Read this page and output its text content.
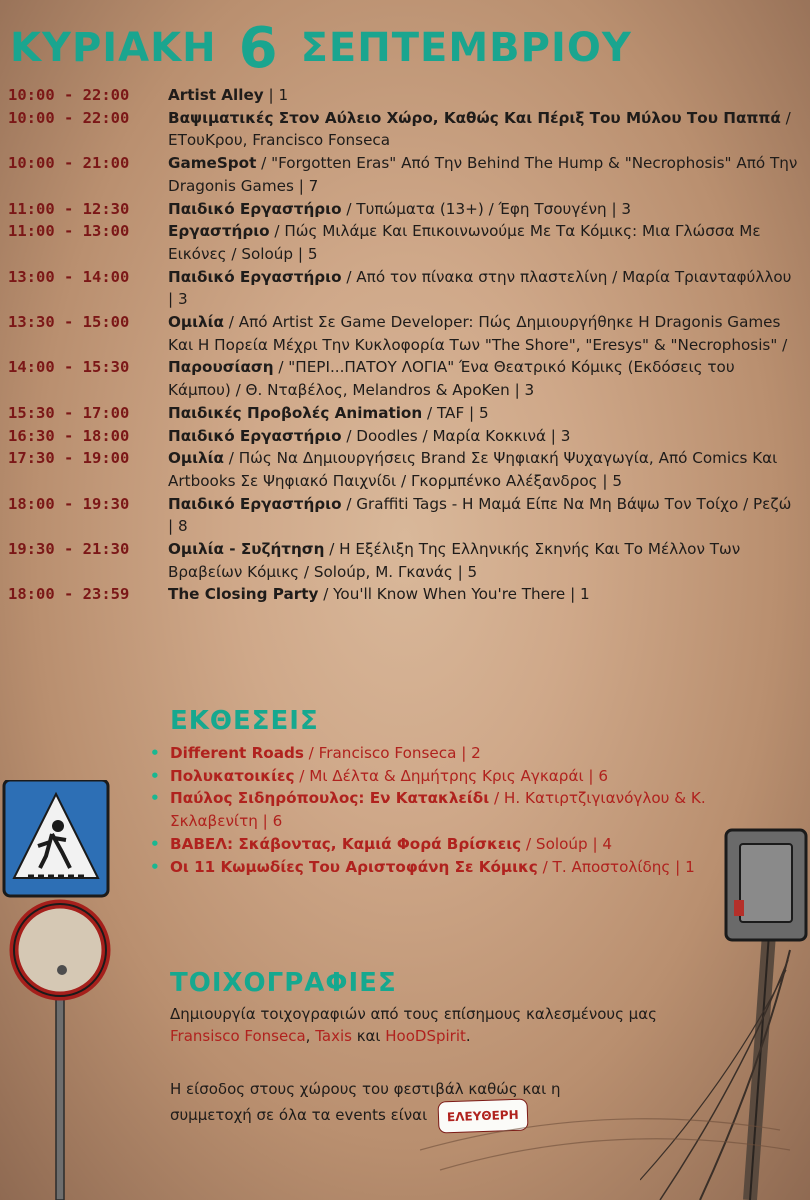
ΚΥΡΙΑΚΗ 6 ΣΕΠΤΕΜΒΡΙΟΥ
10:00 - 22:00	Artist Alley | 1
10:00 - 22:00	Βαψιματικές Στον Αύλειο Χώρο, Καθώς Και Πέριξ Του Μύλου Του Παππά / ΕΤουΚρου, Francisco Fonseca
10:00 - 21:00	GameSpot / "Forgotten Eras" Από Την Behind The Hump & "Necrophosis" Από Την Dragonis Games | 7
11:00 - 12:30	Παιδικό Εργαστήριο / Τυπώματα (13+) / Έφη Τσουγένη | 3
11:00 - 13:00	Εργαστήριο / Πώς Μιλάμε Και Επικοινωνούμε Με Τα Κόμικς: Μια Γλώσσα Με Εικόνες / Soloúp | 5
13:00 - 14:00	Παιδικό Εργαστήριο / Από τον πίνακα στην πλαστελίνη / Μαρία Τριανταφύλλου | 3
13:30 - 15:00	Ομιλία / Από Artist Σε Game Developer: Πώς Δημιουργήθηκε Η Dragonis Games Και Η Πορεία Μέχρι Την Κυκλοφορία Των "The Shore", "Eresys" & "Necrophosis" /
14:00 - 15:30	Παρουσίαση / "ΠΕΡΙ...ΠΑΤΟΥ ΛΟΓΙΑ" Ένα Θεατρικό Κόμικς (Εκδόσεις του Κάμπου) / Θ. Νταβέλος, Melandros & ApoKen | 3
15:30 - 17:00	Παιδικές Προβολές Animation / TAF | 5
16:30 - 18:00	Παιδικό Εργαστήριο / Doodles / Μαρία Κοκκινά | 3
17:30 - 19:00	Ομιλία / Πώς Να Δημιουργήσεις Brand Σε Ψηφιακή Ψυχαγωγία, Από Comics Και Artbooks Σε Ψηφιακό Παιχνίδι / Γκορμπένκο Αλέξανδρος | 5
18:00 - 19:30	Παιδικό Εργαστήριο / Graffiti Tags - Η Μαμά Είπε Να Μη Βάψω Τον Τοίχο / Ρεζώ | 8
19:30 - 21:30	Ομιλία - Συζήτηση / Η Εξέλιξη Της Ελληνικής Σκηνής Και Το Μέλλον Των Βραβείων Κόμικς / Soloúp, Μ. Γκανάς | 5
18:00 - 23:59	The Closing Party / You'll Know When You're There | 1
ΕΚΘΕΣΕΙΣ
• Different Roads / Francisco Fonseca | 2
• Πολυκατοικίες / Μι Δέλτα & Δημήτρης Κρις Αγκαράι | 6
• Παύλος Σιδηρόπουλος: Εν Κατακλείδι / Η. Κατιρτζιγιανόγλου & Κ. Σκλαβενίτη | 6
• ΒΑΒΕΛ: Σκάβοντας, Καμιά Φορά Βρίσκεις / Soloúp | 4
• Οι 11 Κωμωδίες Του Αριστοφάνη Σε Κόμικς / Τ. Αποστολίδης | 1
ΤΟΙΧΟΓΡΑΦΙΕΣ
Δημιουργία τοιχογραφιών από τους επίσημους καλεσμένους μας Fransisco Fonseca, Taxis και HooDSpirit.
Η είσοδος στους χώρους του φεστιβάλ καθώς και η συμμετοχή σε όλα τα events είναι ΕΛΕΥΘΕΡΗ
